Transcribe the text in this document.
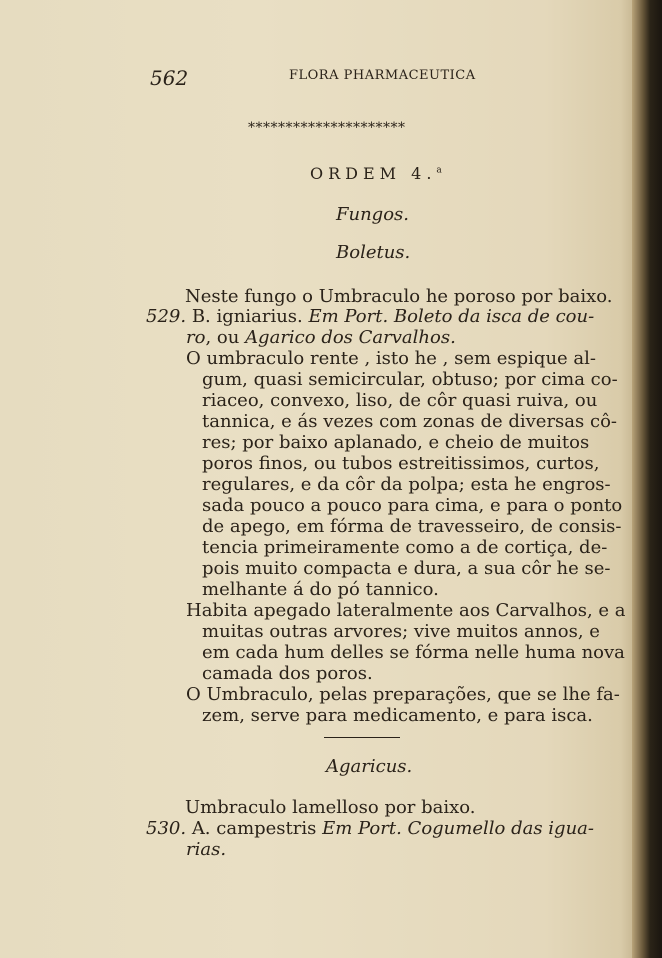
562	FLORA PHARMACEUTICA
*********************
ORDEM 4.$^a$
Fungos.
Boletus.
Neste fungo o Umbraculo he poroso por baixo.
529. B. igniarius. Em Port. Boleto da isca de cou-
ro, ou Agarico dos Carvalhos.
O umbraculo rente , isto he , sem espique al-
gum, quasi semicircular, obtuso; por cima co-
riaceo, convexo, liso, de côr quasi ruiva, ou
tannica, e ás vezes com zonas de diversas cô-
res; por baixo aplanado, e cheio de muitos
poros finos, ou tubos estreitissimos, curtos,
regulares, e da côr da polpa; esta he engros-
sada pouco a pouco para cima, e para o ponto
de apego, em fórma de travesseiro, de consis-
tencia primeiramente como a de cortiça, de-
pois muito compacta e dura, a sua côr he se-
melhante á do pó tannico.
Habita apegado lateralmente aos Carvalhos, e a
muitas outras arvores; vive muitos annos, e
em cada hum delles se fórma nelle huma nova
camada dos poros.
O Umbraculo, pelas preparações, que se lhe fa-
zem, serve para medicamento, e para isca.
Agaricus.
Umbraculo lamelloso por baixo.
530. A. campestris Em Port. Cogumello das igua-
rias.
